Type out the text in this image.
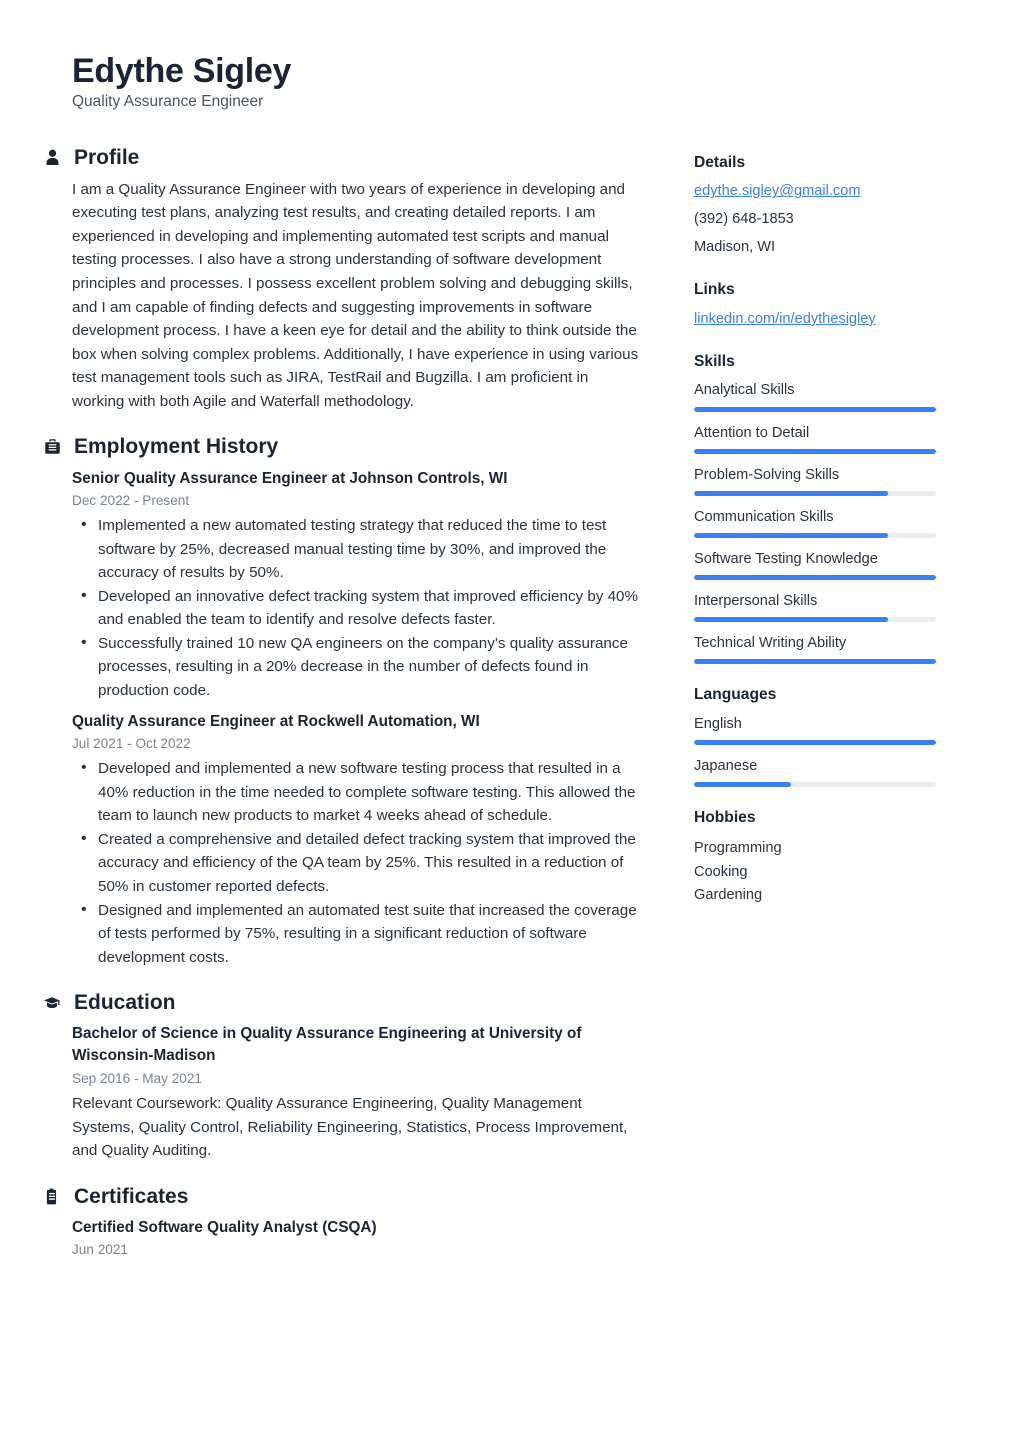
Edythe Sigley
Quality Assurance Engineer
Profile

I am a Quality Assurance Engineer with two years of experience in developing and executing test plans, analyzing test results, and creating detailed reports. I am experienced in developing and implementing automated test scripts and manual testing processes. I also have a strong understanding of software development principles and processes. I possess excellent problem solving and debugging skills, and I am capable of finding defects and suggesting improvements in software development process. I have a keen eye for detail and the ability to think outside the box when solving complex problems. Additionally, I have experience in using various test management tools such as JIRA, TestRail and Bugzilla. I am proficient in working with both Agile and Waterfall methodology.

Employment History
Senior Quality Assurance Engineer at Johnson Controls, WI
Dec 2022 - Present
• Implemented a new automated testing strategy that reduced the time to test software by 25%, decreased manual testing time by 30%, and improved the accuracy of results by 50%.
• Developed an innovative defect tracking system that improved efficiency by 40% and enabled the team to identify and resolve defects faster.
• Successfully trained 10 new QA engineers on the company’s quality assurance processes, resulting in a 20% decrease in the number of defects found in production code.
Quality Assurance Engineer at Rockwell Automation, WI
Jul 2021 - Oct 2022
• Developed and implemented a new software testing process that resulted in a 40% reduction in the time needed to complete software testing. This allowed the team to launch new products to market 4 weeks ahead of schedule.
• Created a comprehensive and detailed defect tracking system that improved the accuracy and efficiency of the QA team by 25%. This resulted in a reduction of 50% in customer reported defects.
• Designed and implemented an automated test suite that increased the coverage of tests performed by 75%, resulting in a significant reduction of software development costs.
Education
Bachelor of Science in Quality Assurance Engineering at University of Wisconsin-Madison
Sep 2016 - May 2021
Relevant Coursework: Quality Assurance Engineering, Quality Management Systems, Quality Control, Reliability Engineering, Statistics, Process Improvement, and Quality Auditing.
Certificates
Certified Software Quality Analyst (CSQA)
Jun 2021
Details
edythe.sigley@gmail.com
(392) 648-1853
Madison, WI
Links
linkedin.com/in/edythesigley
Skills
Analytical Skills
Attention to Detail
Problem-Solving Skills
Communication Skills
Software Testing Knowledge
Interpersonal Skills
Technical Writing Ability
Languages
English
Japanese
Hobbies
Programming
Cooking
Gardening
